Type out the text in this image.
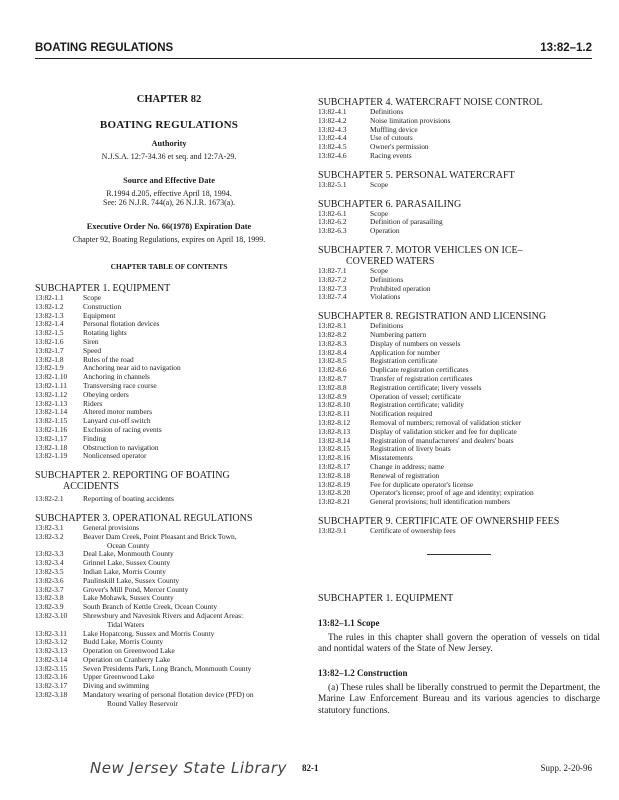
BOATING REGULATIONS	13:82–1.2
CHAPTER 82
BOATING REGULATIONS
Authority
N.J.S.A. 12:7-34.36 et seq. and 12:7A-29.
Source and Effective Date
R.1994 d.205, effective April 18, 1994.
See: 26 N.J.R. 744(a), 26 N.J.R. 1673(a).
Executive Order No. 66(1978) Expiration Date
Chapter 92, Boating Regulations, expires on April 18, 1999.
CHAPTER TABLE OF CONTENTS
SUBCHAPTER 1. EQUIPMENT
13:82-1.1	Scope
13:82-1.2	Construction
13:82-1.3	Equipment
13:82-1.4	Personal flotation devices
13:82-1.5	Rotating lights
13:82-1.6	Siren
13:82-1.7	Speed
13:82-1.8	Rules of the road
13:82-1.9	Anchoring near aid to navigation
13:82-1.10	Anchoring in channels
13:82-1.11	Transversing race course
13:82-1.12	Obeying orders
13:82-1.13	Riders
13:82-1.14	Altered motor numbers
13:82-1.15	Lanyard cut-off switch
13:82-1.16	Exclusion of racing events
13:82-1.17	Finding
13:82-1.18	Obstruction to navigation
13:82-1.19	Nonlicensed operator
SUBCHAPTER 2. REPORTING OF BOATING
ACCIDENTS
13:82-2.1	Reporting of boating accidents
SUBCHAPTER 3. OPERATIONAL REGULATIONS
13:82-3.1	General provisions
13:82-3.2	Beaver Dam Creek, Point Pleasant and Brick Town,
Ocean County
13:82-3.3	Deal Lake, Monmouth County
13:82-3.4	Grinnel Lake, Sussex County
13:82-3.5	Indian Lake, Morris County
13:82-3.6	Paulinskill Lake, Sussex County
13:82-3.7	Grover's Mill Pond, Mercer County
13:82-3.8	Lake Mohawk, Sussex County
13:82-3.9	South Branch of Kettle Creek, Ocean County
13:82-3.10	Shrewsbury and Navesink Rivers and Adjacent Areas:
Tidal Waters
13:82-3.11	Lake Hopatcong, Sussex and Morris County
13:82-3.12	Budd Lake, Morris County
13:82-3.13	Operation on Greenwood Lake
13:82-3.14	Operation on Cranberry Lake
13:82-3.15	Seven Presidents Park, Long Branch, Monmouth County
13:82-3.16	Upper Greenwood Lake
13:82-3.17	Diving and swimming
13:82-3.18	Mandatory wearing of personal flotation device (PFD) on
Round Valley Reservoir
SUBCHAPTER 4. WATERCRAFT NOISE CONTROL
13:82-4.1	Definitions
13:82-4.2	Noise limitation provisions
13:82-4.3	Muffling device
13:82-4.4	Use of cutouts
13:82-4.5	Owner's permission
13:82-4.6	Racing events
SUBCHAPTER 5. PERSONAL WATERCRAFT
13:82-5.1	Scope
SUBCHAPTER 6. PARASAILING
13:82-6.1	Scope
13:82-6.2	Definition of parasailing
13:82-6.3	Operation
SUBCHAPTER 7. MOTOR VEHICLES ON ICE–
COVERED WATERS
13:82-7.1	Scope
13:82-7.2	Definitions
13:82-7.3	Prohibited operation
13:82-7.4	Violations
SUBCHAPTER 8. REGISTRATION AND LICENSING
13:82-8.1	Definitions
13:82-8.2	Numbering pattern
13:82-8.3	Display of numbers on vessels
13:82-8.4	Application for number
13:82-8.5	Registration certificate
13:82-8.6	Duplicate registration certificates
13:82-8.7	Transfer of registration certificates
13:82-8.8	Registration certificate; livery vessels
13:82-8.9	Operation of vessel; certificate
13:82-8.10	Registration certificate; validity
13:82-8.11	Notification required
13:82-8.12	Removal of numbers; removal of validation sticker
13:82-8.13	Display of validation sticker and fee for duplicate
13:82-8.14	Registration of manufacturers' and dealers' boats
13:82-8.15	Registration of livery boats
13:82-8.16	Misstatements
13:82-8.17	Change in address; name
13:82-8.18	Renewal of registration
13:82-8.19	Fee for duplicate operator's license
13:82-8.20	Operator's license; proof of age and identity; expiration
13:82-8.21	General provisions; hull identification numbers
SUBCHAPTER 9. CERTIFICATE OF OWNERSHIP FEES
13:82-9.1	Certificate of ownership fees
SUBCHAPTER 1. EQUIPMENT
13:82–1.1 Scope
The rules in this chapter shall govern the operation of vessels on tidal and nontidal waters of the State of New Jersey.
13:82–1.2 Construction
(a) These rules shall be liberally construed to permit the Department, the Marine Law Enforcement Bureau and its various agencies to discharge statutory functions.
New Jersey State Library 82-1	Supp. 2-20-96
